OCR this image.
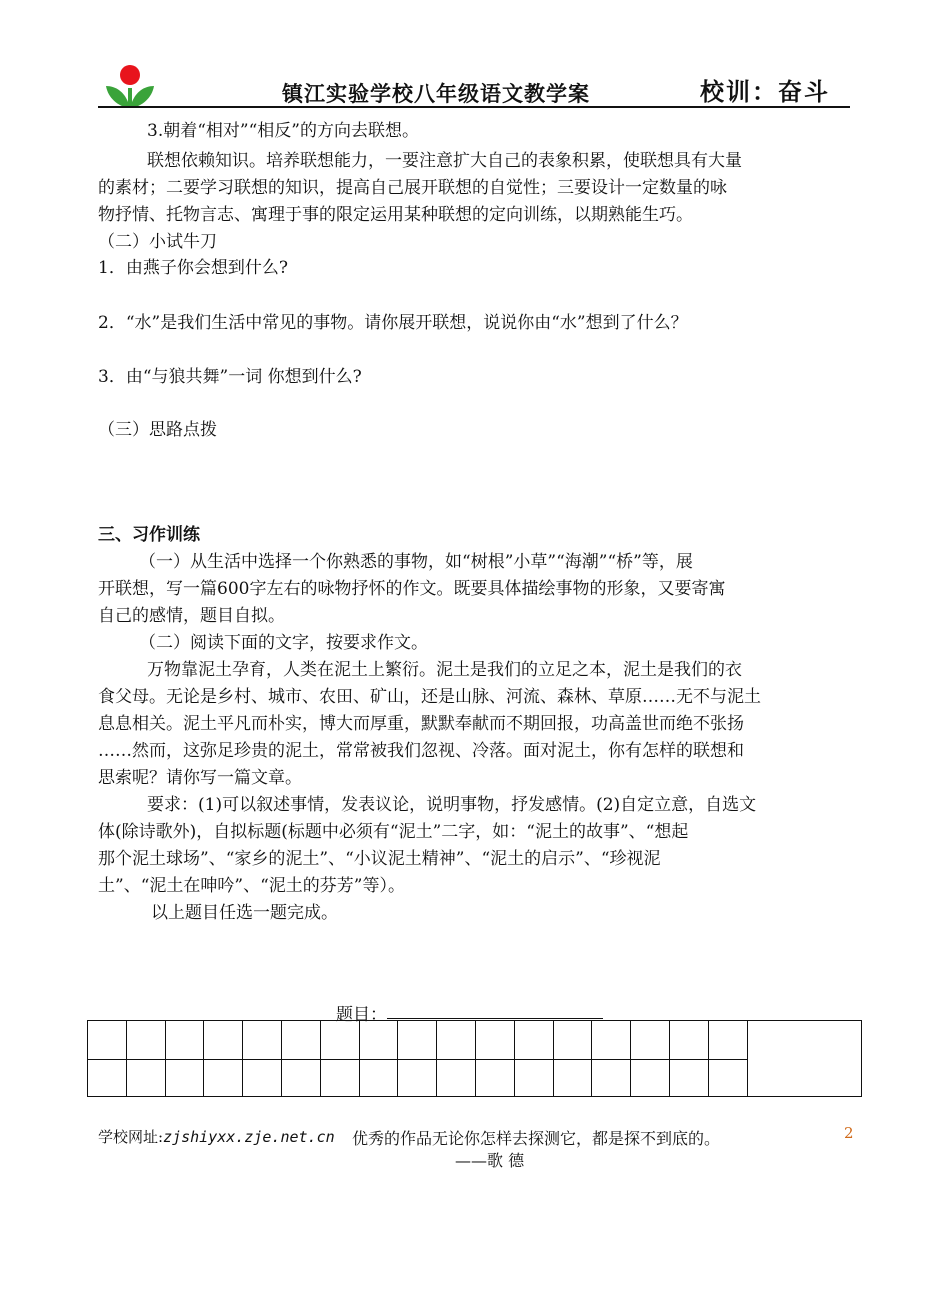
镇江实验学校八年级语文教学案	校训：奋斗
3.朝着“相对”“相反”的方向去联想。
联想依赖知识。培养联想能力，一要注意扩大自己的表象积累，使联想具有大量
的素材；二要学习联想的知识，提高自己展开联想的自觉性；三要设计一定数量的咏
物抒情、托物言志、寓理于事的限定运用某种联想的定向训练，以期熟能生巧。
（二）小试牛刀
1．由燕子你会想到什么?
2．“水”是我们生活中常见的事物。请你展开联想，说说你由“水”想到了什么？
3．由“与狼共舞”一词 你想到什么?
（三）思路点拨
三、习作训练
（一）从生活中选择一个你熟悉的事物，如“树根”小草”“海潮”“桥”等，展
开联想，写一篇600字左右的咏物抒怀的作文。既要具体描绘事物的形象，又要寄寓
自己的感情，题目自拟。
（二）阅读下面的文字，按要求作文。
万物靠泥土孕育，人类在泥土上繁衍。泥土是我们的立足之本，泥土是我们的衣
食父母。无论是乡村、城市、农田、矿山，还是山脉、河流、森林、草原……无不与泥土
息息相关。泥土平凡而朴实，博大而厚重，默默奉献而不期回报，功高盖世而绝不张扬
……然而，这弥足珍贵的泥土，常常被我们忽视、冷落。面对泥土，你有怎样的联想和
思索呢？请你写一篇文章。
要求：(1)可以叙述事情，发表议论，说明事物，抒发感情。(2)自定立意，自选文
体(除诗歌外)，自拟标题(标题中必须有“泥土”二字，如：“泥土的故事”、“想起
那个泥土球场”、“家乡的泥土”、“小议泥土精神”、“泥土的启示”、“珍视泥
土”、“泥土在呻吟”、“泥土的芬芳”等）。
以上题目任选一题完成。
题目：
学校网址:zjshiyxx.zje.net.cn 优秀的作品无论你怎样去探测它，都是探不到底的。
——歌 德
2
